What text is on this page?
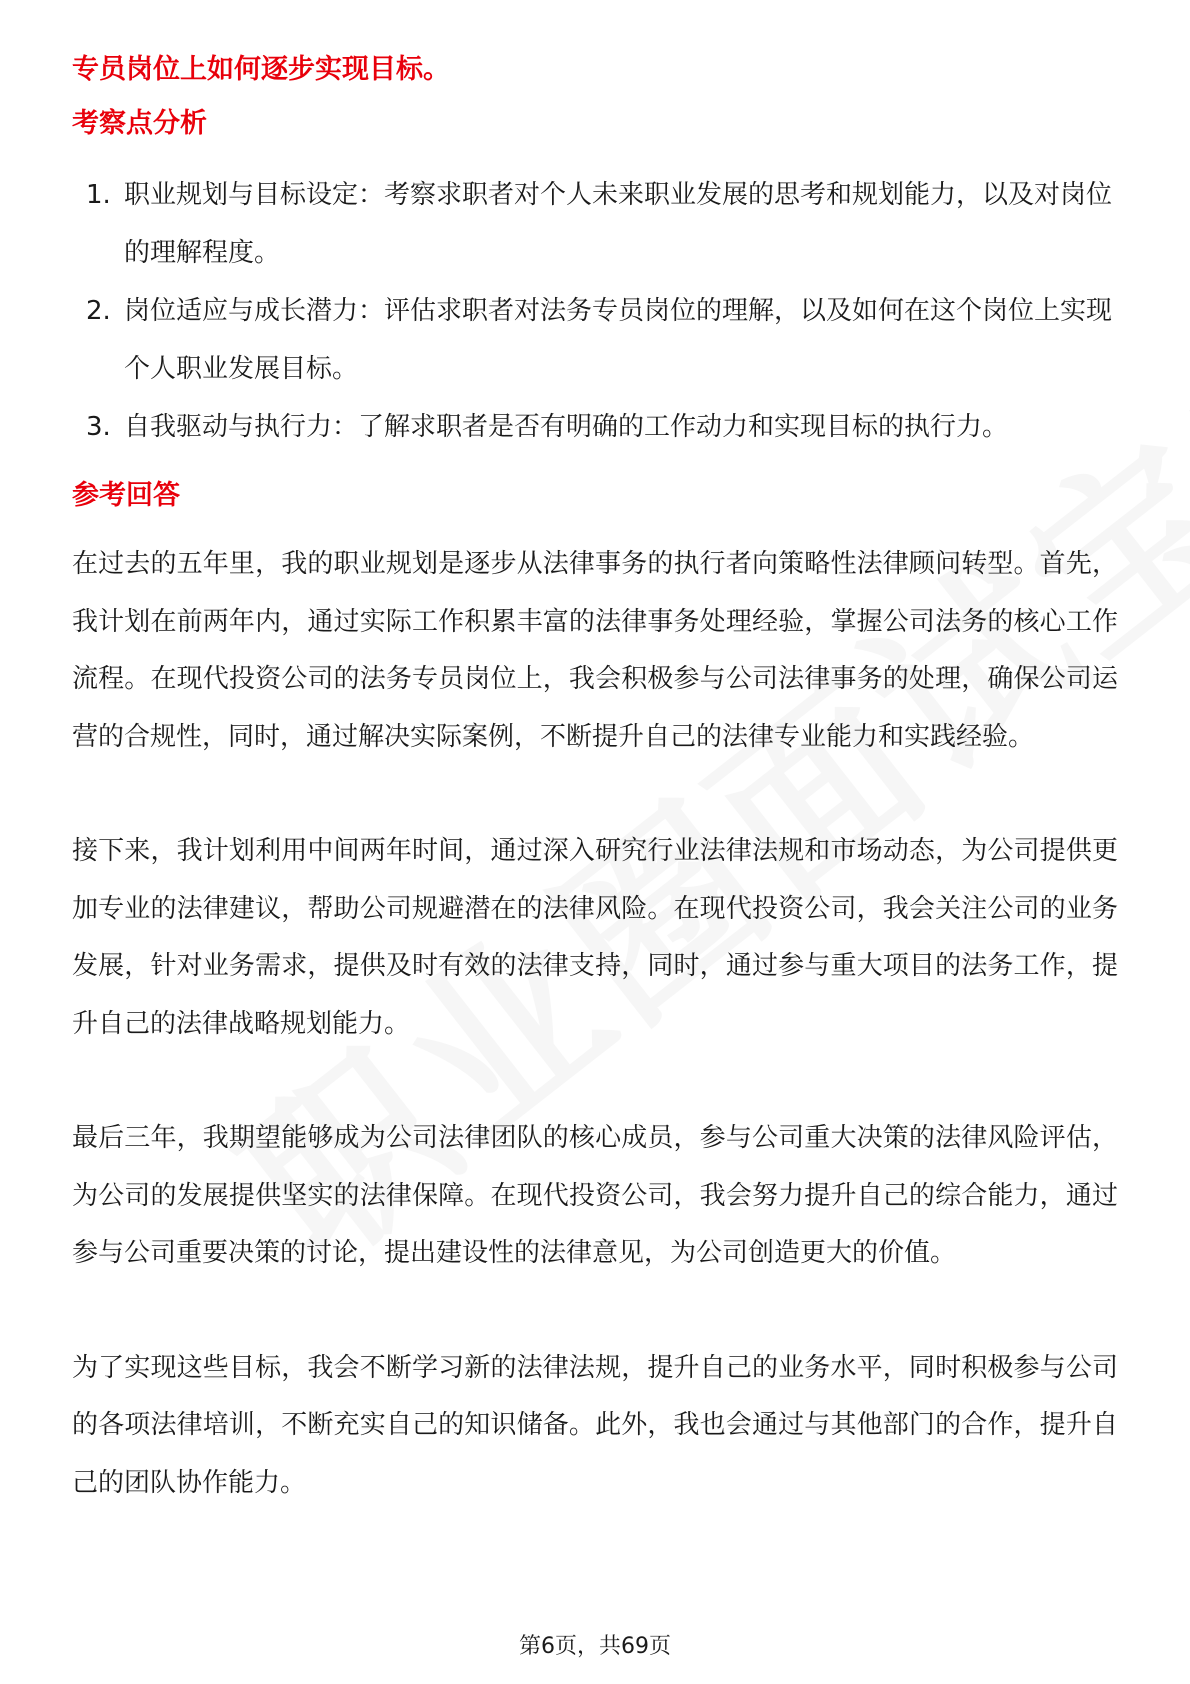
专员岗位上如何逐步实现目标。

考察点分析

1. 职业规划与目标设定：考察求职者对个人未来职业发展的思考和规划能力，以及对岗位的理解程度。
2. 岗位适应与成长潜力：评估求职者对法务专员岗位的理解，以及如何在这个岗位上实现个人职业发展目标。
3. 自我驱动与执行力：了解求职者是否有明确的工作动力和实现目标的执行力。

参考回答

在过去的五年里，我的职业规划是逐步从法律事务的执行者向策略性法律顾问转型。首先，我计划在前两年内，通过实际工作积累丰富的法律事务处理经验，掌握公司法务的核心工作流程。在现代投资公司的法务专员岗位上，我会积极参与公司法律事务的处理，确保公司运营的合规性，同时，通过解决实际案例，不断提升自己的法律专业能力和实践经验。

接下来，我计划利用中间两年时间，通过深入研究行业法律法规和市场动态，为公司提供更加专业的法律建议，帮助公司规避潜在的法律风险。在现代投资公司，我会关注公司的业务发展，针对业务需求，提供及时有效的法律支持，同时，通过参与重大项目的法务工作，提升自己的法律战略规划能力。

最后三年，我期望能够成为公司法律团队的核心成员，参与公司重大决策的法律风险评估，为公司的发展提供坚实的法律保障。在现代投资公司，我会努力提升自己的综合能力，通过参与公司重要决策的讨论，提出建设性的法律意见，为公司创造更大的价值。

为了实现这些目标，我会不断学习新的法律法规，提升自己的业务水平，同时积极参与公司的各项法律培训，不断充实自己的知识储备。此外，我也会通过与其他部门的合作，提升自己的团队协作能力。

第6页，共69页
